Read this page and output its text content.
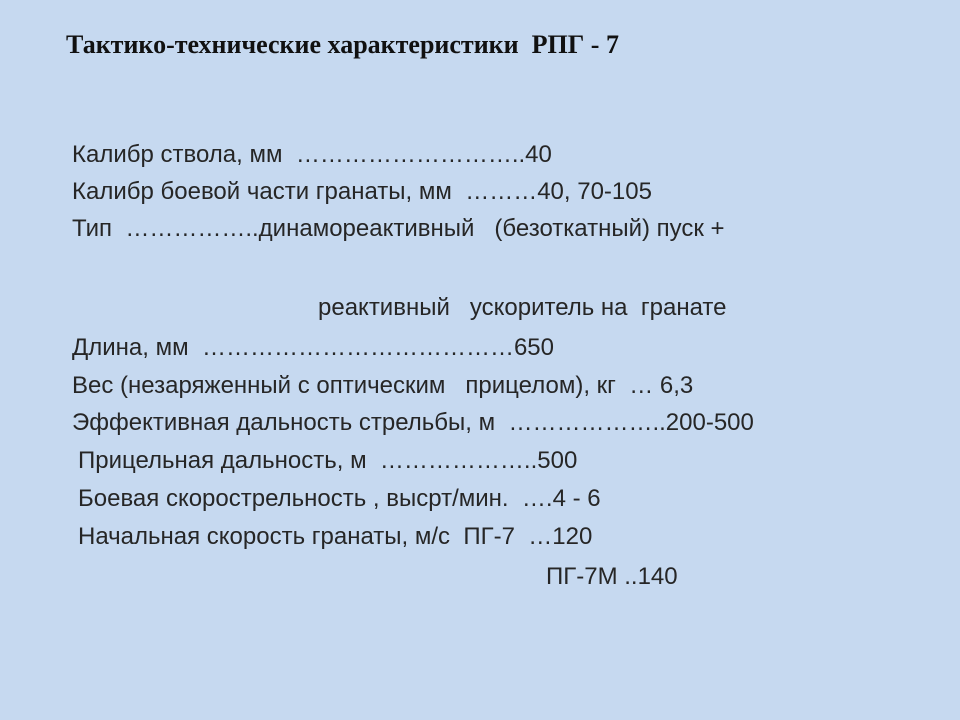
Тактико-технические характеристики  РПГ - 7
Калибр ствола, мм  ………………………..40
Калибр боевой части гранаты, мм  ………40, 70-105
Тип  ……………..динамореактивный   (безоткатный) пуск +
реактивный   ускоритель на  гранате
Длина, мм  …………………………………650
Вес (незаряженный с оптическим   прицелом), кг  … 6,3
Эффективная дальность стрельбы, м  ………………..200-500
Прицельная дальность, м  ………………..500
Боевая скорострельность , высрт/мин.  ….4 - 6
Начальная скорость гранаты, м/с  ПГ-7  …120
ПГ-7М ..140
